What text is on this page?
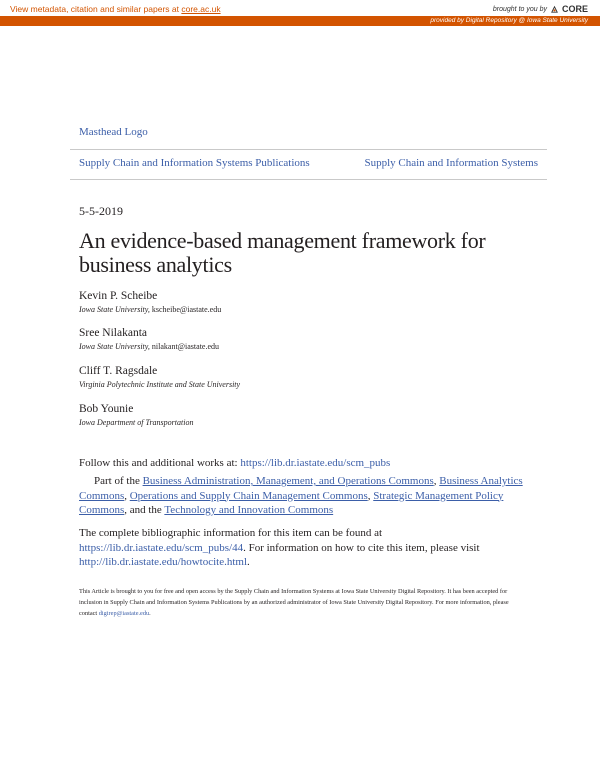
View metadata, citation and similar papers at core.ac.uk	brought to you by CORE
provided by Digital Repository @ Iowa State University
Masthead Logo
Supply Chain and Information Systems Publications	Supply Chain and Information Systems
5-5-2019
An evidence-based management framework for business analytics
Kevin P. Scheibe
Iowa State University, kscheibe@iastate.edu
Sree Nilakanta
Iowa State University, nilakant@iastate.edu
Cliff T. Ragsdale
Virginia Polytechnic Institute and State University
Bob Younie
Iowa Department of Transportation
Follow this and additional works at: https://lib.dr.iastate.edu/scm_pubs
Part of the Business Administration, Management, and Operations Commons, Business Analytics Commons, Operations and Supply Chain Management Commons, Strategic Management Policy Commons, and the Technology and Innovation Commons
The complete bibliographic information for this item can be found at https://lib.dr.iastate.edu/scm_pubs/44. For information on how to cite this item, please visit http://lib.dr.iastate.edu/howtocite.html.
This Article is brought to you for free and open access by the Supply Chain and Information Systems at Iowa State University Digital Repository. It has been accepted for inclusion in Supply Chain and Information Systems Publications by an authorized administrator of Iowa State University Digital Repository. For more information, please contact digirep@iastate.edu.
